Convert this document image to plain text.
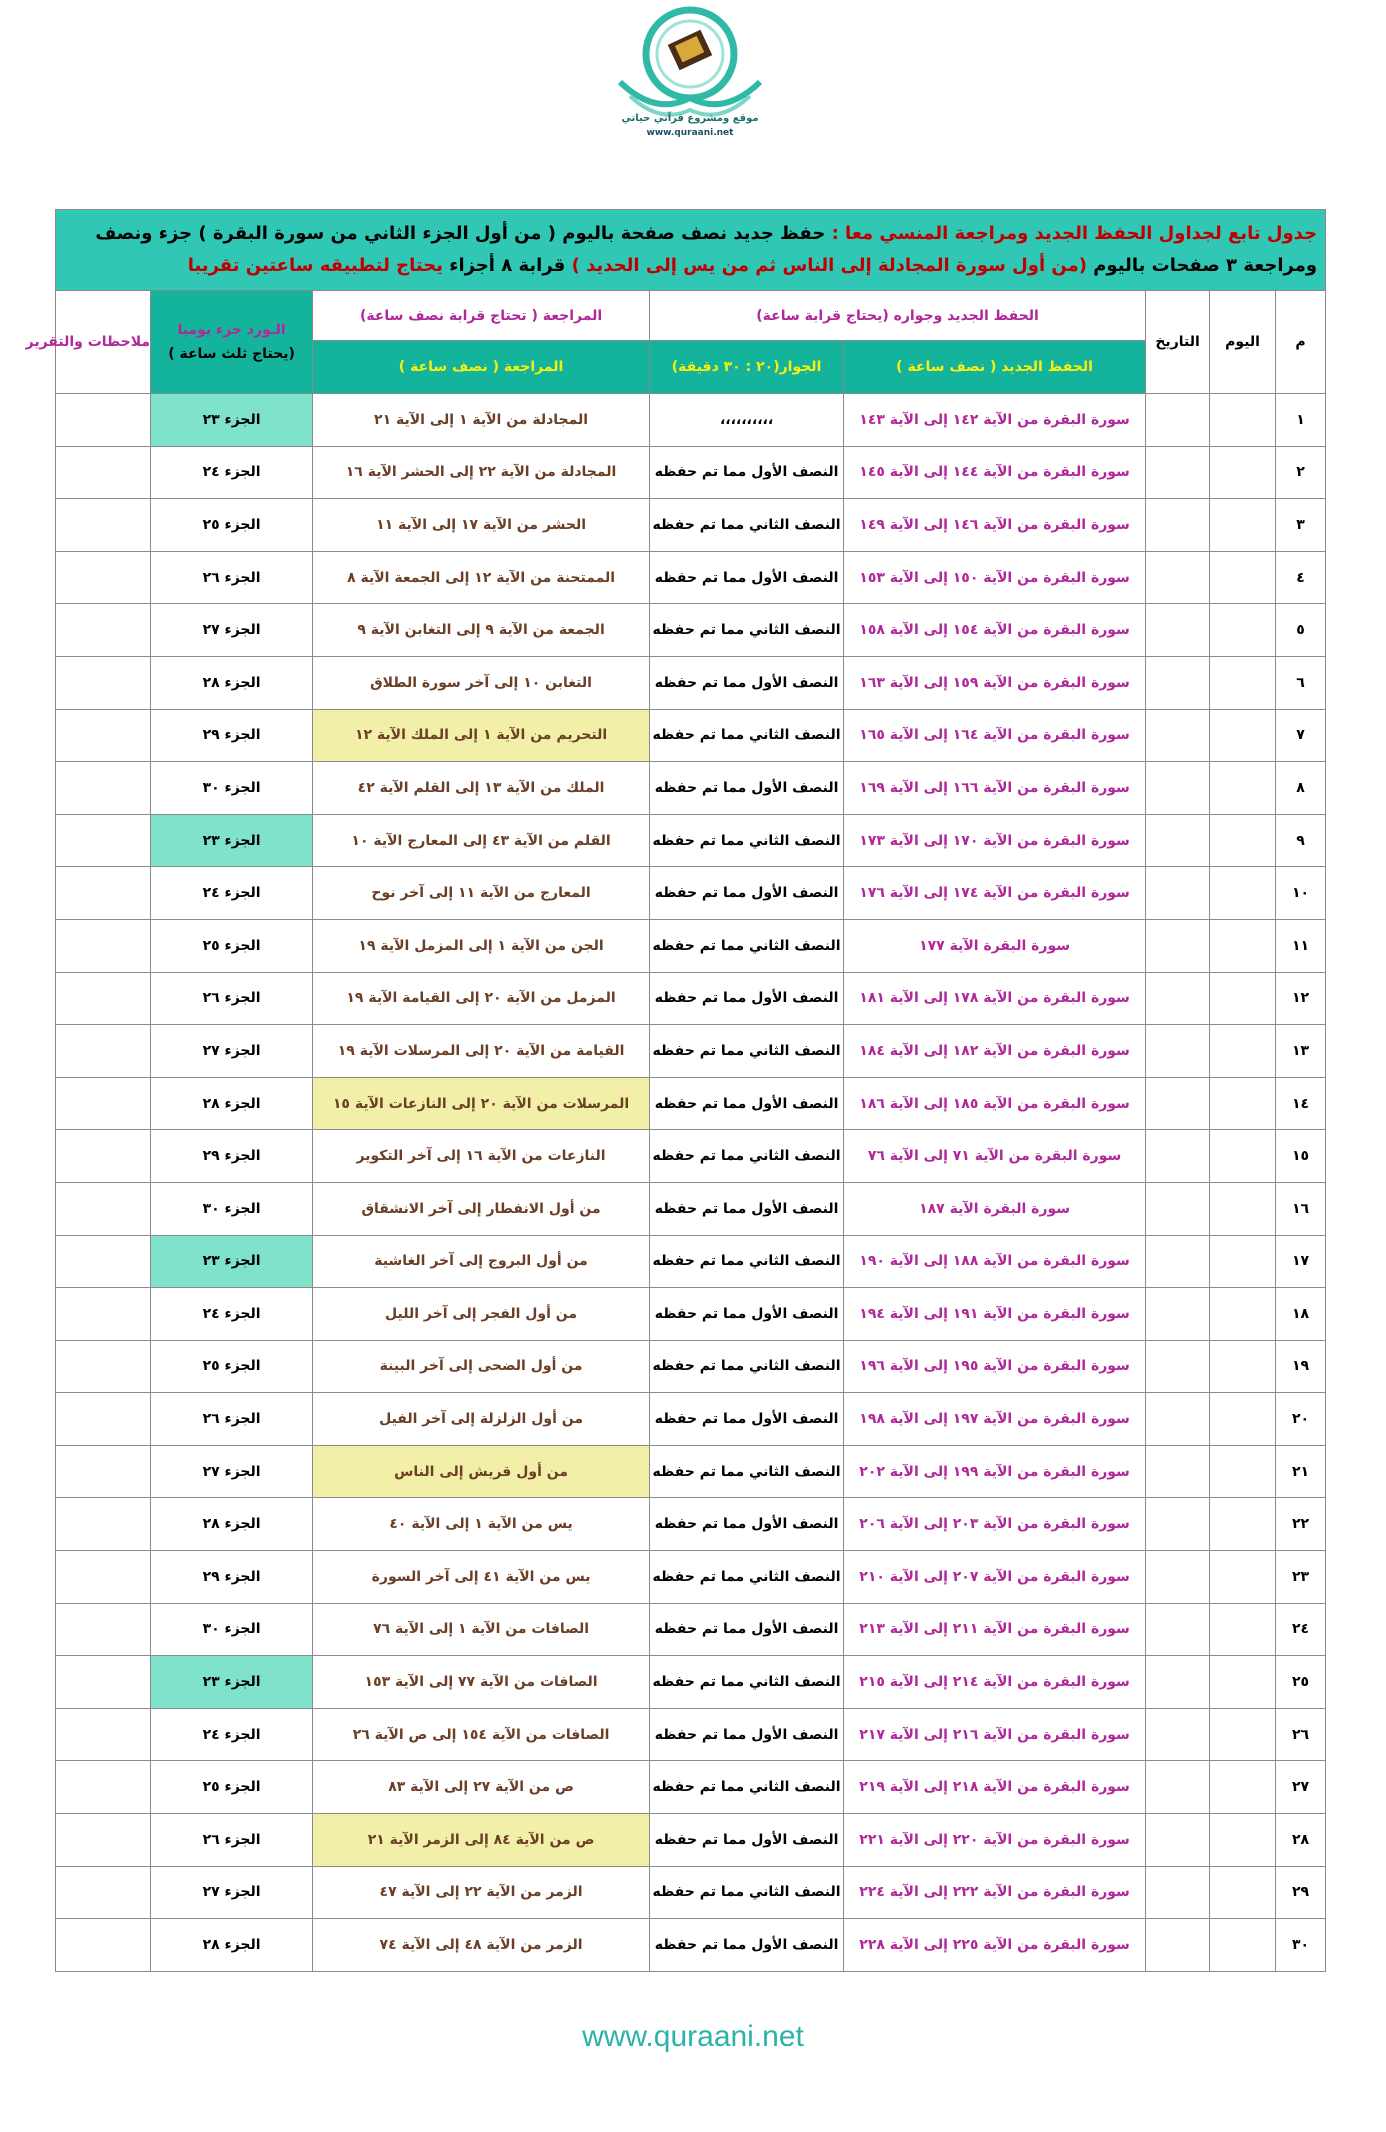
موقع ومشروع قرآني حياتي
www.quraani.net
جدول تابع لجداول الحفظ الجديد ومراجعة المنسي معا : حفظ جديد نصف صفحة باليوم ( من أول الجزء الثاني من سورة البقرة ) جزء ونصف
ومراجعة ٣ صفحات باليوم (من أول سورة المجادلة إلى الناس ثم من يس إلى الحديد ) قرابة ٨ أجزاء يحتاج لتطبيقه ساعتين تقريبا							
م	اليوم	التاريخ	الحفظ الجديد وجواره (يحتاج قرابة ساعة)		المراجعة ( تحتاج قرابة نصف ساعة)	الـورد جزء يوميا
(يحتاج ثلث ساعة )	ملاحظات والتقرير
			الحفظ الجديد ( نصف ساعة )	الجوار(٢٠ : ٣٠ دقيقة)	المراجعة ( نصف ساعة )		
١			سورة البقرة من الآية ١٤٢ إلى الآية ١٤٣	،،،،،،،،،،	المجادلة من الآية ١ إلى الآية ٢١	الجزء ٢٣	
٢			سورة البقرة من الآية ١٤٤ إلى الآية ١٤٥	النصف الأول مما تم حفظه	المجادلة من الآية ٢٢ إلى الحشر الآية ١٦	الجزء ٢٤	
٣			سورة البقرة من الآية ١٤٦ إلى الآية ١٤٩	النصف الثاني مما تم حفظه	الحشر من الآية ١٧ إلى الآية ١١	الجزء ٢٥	
٤			سورة البقرة من الآية ١٥٠ إلى الآية ١٥٣	النصف الأول مما تم حفظه	الممتحنة من الآية ١٢ إلى الجمعة الآية ٨	الجزء ٢٦	
٥			سورة البقرة من الآية ١٥٤ إلى الآية ١٥٨	النصف الثاني مما تم حفظه	الجمعة من الآية ٩ إلى التغابن الآية ٩	الجزء ٢٧	
٦			سورة البقرة من الآية ١٥٩ إلى الآية ١٦٣	النصف الأول مما تم حفظه	التغابن ١٠ إلى آخر سورة الطلاق	الجزء ٢٨	
٧			سورة البقرة من الآية ١٦٤ إلى الآية ١٦٥	النصف الثاني مما تم حفظه	التحريم من الآية ١ إلى الملك الآية ١٢	الجزء ٢٩	
٨			سورة البقرة من الآية ١٦٦ إلى الآية ١٦٩	النصف الأول مما تم حفظه	الملك من الآية ١٣ إلى القلم الآية ٤٢	الجزء ٣٠	
٩			سورة البقرة من الآية ١٧٠ إلى الآية ١٧٣	النصف الثاني مما تم حفظه	القلم من الآية ٤٣ إلى المعارج الآية ١٠	الجزء ٢٣	
١٠			سورة البقرة من الآية ١٧٤ إلى الآية ١٧٦	النصف الأول مما تم حفظه	المعارج من الآية ١١ إلى آخر نوح	الجزء ٢٤	
١١			سورة البقرة الآية ١٧٧	النصف الثاني مما تم حفظه	الجن من الآية ١ إلى المزمل الآية ١٩	الجزء ٢٥	
١٢			سورة البقرة من الآية ١٧٨ إلى الآية ١٨١	النصف الأول مما تم حفظه	المزمل من الآية ٢٠ إلى القيامة الآية ١٩	الجزء ٢٦	
١٣			سورة البقرة من الآية ١٨٢ إلى الآية ١٨٤	النصف الثاني مما تم حفظه	القيامة من الآية ٢٠ إلى المرسلات الآية ١٩	الجزء ٢٧	
١٤			سورة البقرة من الآية ١٨٥ إلى الآية ١٨٦	النصف الأول مما تم حفظه	المرسلات من الآية ٢٠ إلى النازعات الآية ١٥	الجزء ٢٨	
١٥			سورة البقرة من الآية ٧١ إلى الآية ٧٦	النصف الثاني مما تم حفظه	النازعات من الآية ١٦ إلى آخر التكوير	الجزء ٢٩	
١٦			سورة البقرة الآية ١٨٧	النصف الأول مما تم حفظه	من أول الانفطار إلى آخر الانشقاق	الجزء ٣٠	
١٧			سورة البقرة من الآية ١٨٨ إلى الآية ١٩٠	النصف الثاني مما تم حفظه	من أول البروج إلى آخر الغاشية	الجزء ٢٣	
١٨			سورة البقرة من الآية ١٩١ إلى الآية ١٩٤	النصف الأول مما تم حفظه	من أول الفجر إلى آخر الليل	الجزء ٢٤	
١٩			سورة البقرة من الآية ١٩٥ إلى الآية ١٩٦	النصف الثاني مما تم حفظه	من أول الضحى إلى آخر البينة	الجزء ٢٥	
٢٠			سورة البقرة من الآية ١٩٧ إلى الآية ١٩٨	النصف الأول مما تم حفظه	من أول الزلزلة إلى آخر الفيل	الجزء ٢٦	
٢١			سورة البقرة من الآية ١٩٩ إلى الآية ٢٠٢	النصف الثاني مما تم حفظه	من أول قريش إلى الناس	الجزء ٢٧	
٢٢			سورة البقرة من الآية ٢٠٣ إلى الآية ٢٠٦	النصف الأول مما تم حفظه	يس من الآية ١ إلى الآية ٤٠	الجزء ٢٨	
٢٣			سورة البقرة من الآية ٢٠٧ إلى الآية ٢١٠	النصف الثاني مما تم حفظه	يس من الآية ٤١ إلى آخر السورة	الجزء ٢٩	
٢٤			سورة البقرة من الآية ٢١١ إلى الآية ٢١٣	النصف الأول مما تم حفظه	الصافات من الآية ١ إلى الآية ٧٦	الجزء ٣٠	
٢٥			سورة البقرة من الآية ٢١٤ إلى الآية ٢١٥	النصف الثاني مما تم حفظه	الصافات من الآية ٧٧ إلى الآية ١٥٣	الجزء ٢٣	
٢٦			سورة البقرة من الآية ٢١٦ إلى الآية ٢١٧	النصف الأول مما تم حفظه	الصافات من الآية ١٥٤ إلى ص الآية ٢٦	الجزء ٢٤	
٢٧			سورة البقرة من الآية ٢١٨ إلى الآية ٢١٩	النصف الثاني مما تم حفظه	ص من الآية ٢٧ إلى الآية ٨٣	الجزء ٢٥	
٢٨			سورة البقرة من الآية ٢٢٠ إلى الآية ٢٢١	النصف الأول مما تم حفظه	ص من الآية ٨٤ إلى الزمر الآية ٢١	الجزء ٢٦	
٢٩			سورة البقرة من الآية ٢٢٢ إلى الآية ٢٢٤	النصف الثاني مما تم حفظه	الزمر من الآية ٢٢ إلى الآية ٤٧	الجزء ٢٧	
٣٠			سورة البقرة من الآية ٢٢٥ إلى الآية ٢٢٨	النصف الأول مما تم حفظه	الزمر من الآية ٤٨ إلى الآية ٧٤	الجزء ٢٨	
www.quraani.net
